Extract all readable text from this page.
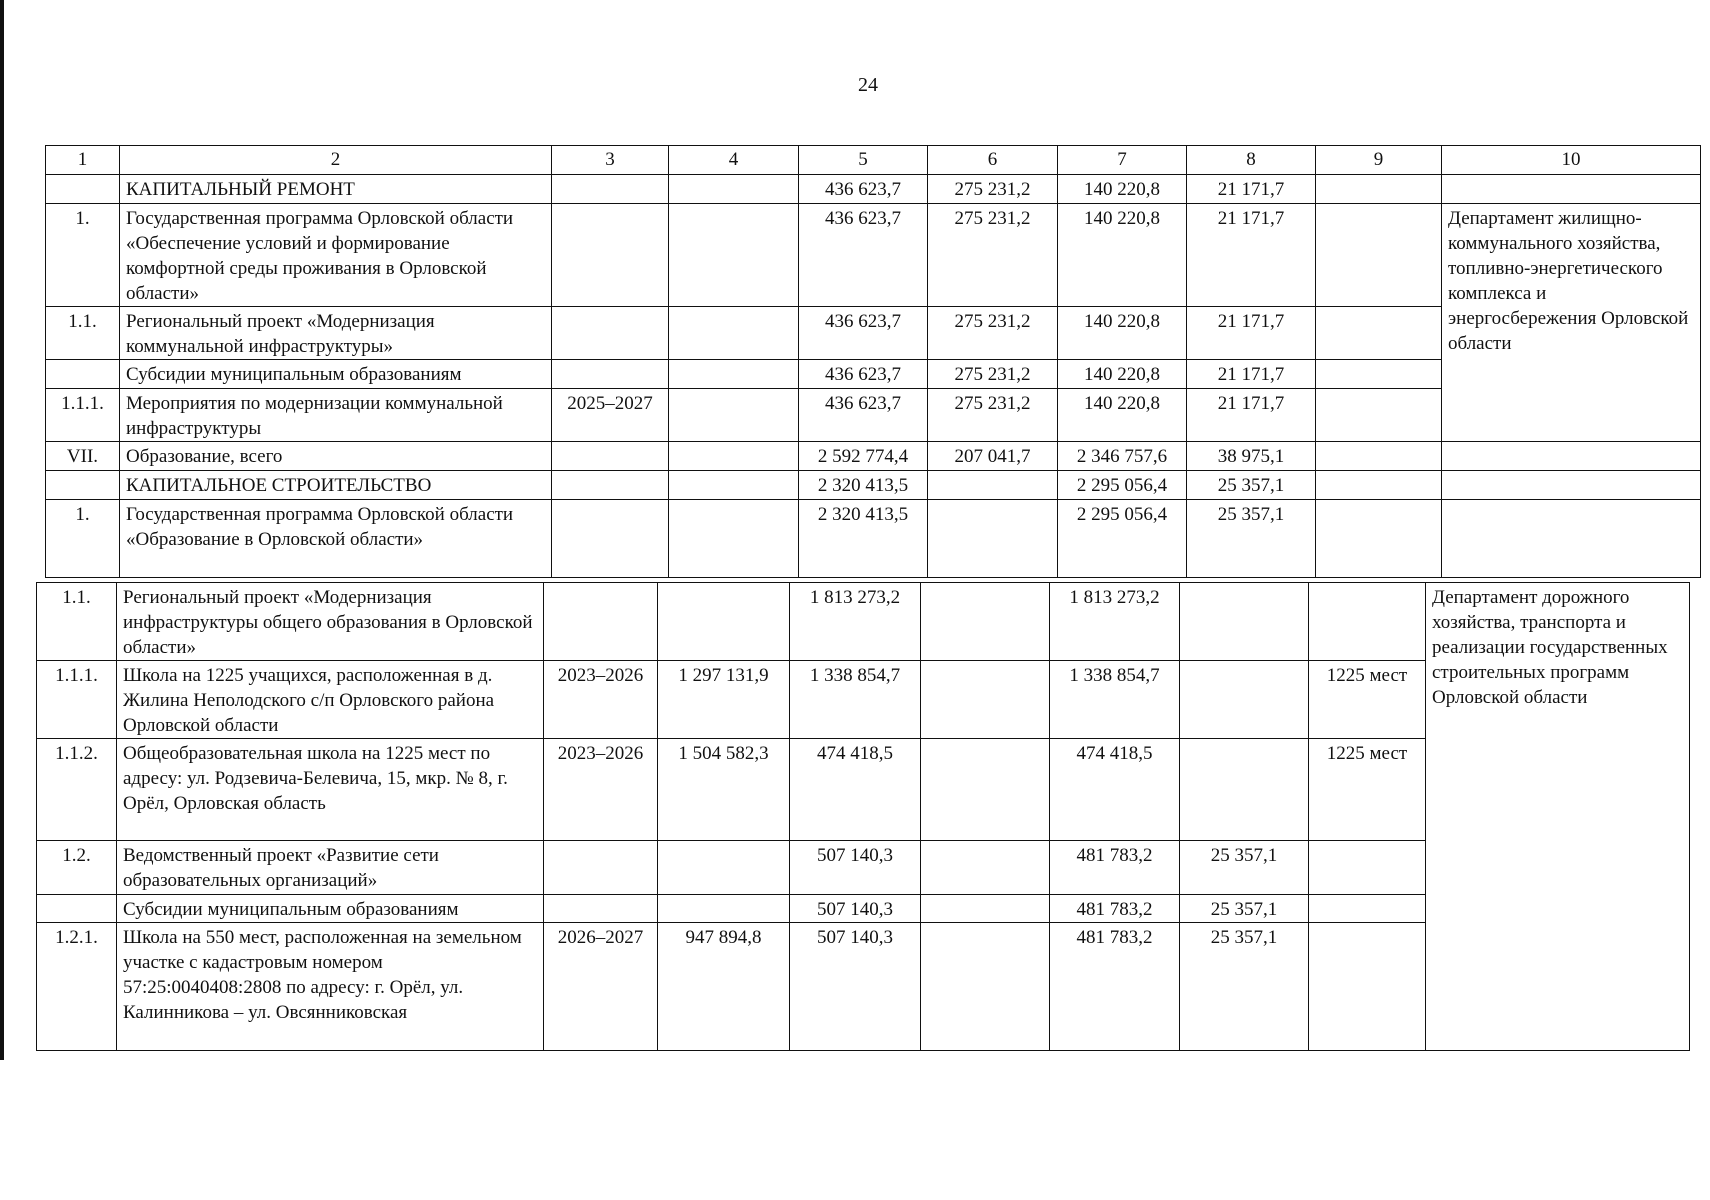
24
1	2	3	4	5	6	7	8	9	10
	КАПИТАЛЬНЫЙ РЕМОНТ			436 623,7	275 231,2	140 220,8	21 171,7		
1.	Государственная программа Орловской области «Обеспечение условий и формирование комфортной среды проживания в Орловской области»			436 623,7	275 231,2	140 220,8	21 171,7		Департамент жилищно-коммунального хозяйства, топливно-энергетического комплекса и энергосбережения Орловской области
1.1.	Региональный проект «Модернизация коммунальной инфраструктуры»			436 623,7	275 231,2	140 220,8	21 171,7		
	Субсидии муниципальным образованиям			436 623,7	275 231,2	140 220,8	21 171,7		
1.1.1.	Мероприятия по модернизации коммунальной инфраструктуры	2025–2027		436 623,7	275 231,2	140 220,8	21 171,7		
VII.	Образование, всего			2 592 774,4	207 041,7	2 346 757,6	38 975,1		
	КАПИТАЛЬНОЕ СТРОИТЕЛЬСТВО			2 320 413,5		2 295 056,4	25 357,1		
1.	Государственная программа Орловской области «Образование в Орловской области»			2 320 413,5		2 295 056,4	25 357,1		
1.1.	Региональный проект «Модернизация инфраструктуры общего образования в Орловской области»			1 813 273,2		1 813 273,2			Департамент дорожного хозяйства, транспорта и реализации государственных строительных программ Орловской области
1.1.1.	Школа на 1225 учащихся, расположенная в д. Жилина Неполодского с/п Орловского района Орловской области	2023–2026	1 297 131,9	1 338 854,7		1 338 854,7		1225 мест	
1.1.2.	Общеобразовательная школа на 1225 мест по адресу: ул. Родзевича-Белевича, 15, мкр. № 8, г. Орёл, Орловская область	2023–2026	1 504 582,3	474 418,5		474 418,5		1225 мест	
1.2.	Ведомственный проект «Развитие сети образовательных организаций»			507 140,3		481 783,2	25 357,1		
	Субсидии муниципальным образованиям			507 140,3		481 783,2	25 357,1		
1.2.1.	Школа на 550 мест, расположенная на земельном участке с кадастровым номером 57:25:0040408:2808 по адресу: г. Орёл, ул. Калинникова – ул. Овсянниковская	2026–2027	947 894,8	507 140,3		481 783,2	25 357,1		
